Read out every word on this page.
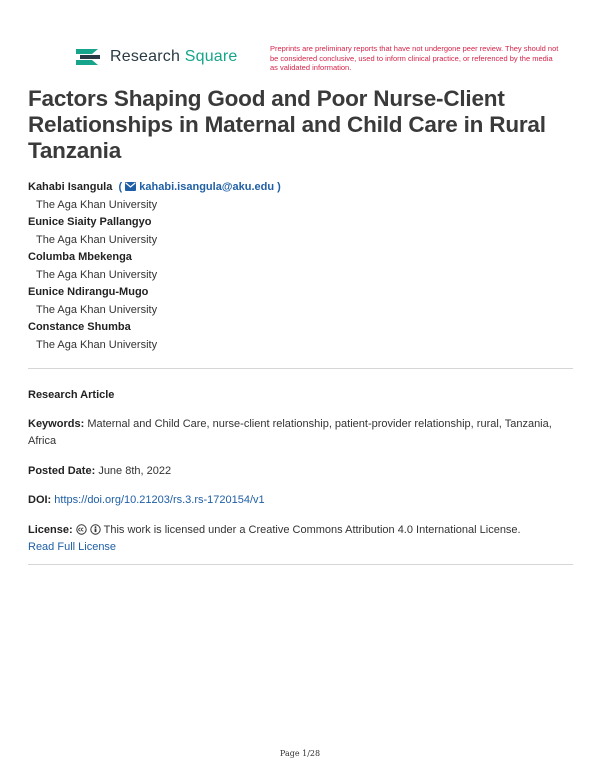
Research Square	Preprints are preliminary reports that have not undergone peer review. They should not be considered conclusive, used to inform clinical practice, or referenced by the media as validated information.
Factors Shaping Good and Poor Nurse-Client Relationships in Maternal and Child Care in Rural Tanzania
Kahabi Isangula (  kahabi.isangula@aku.edu )
The Aga Khan University
Eunice Siaity Pallangyo
The Aga Khan University
Columba Mbekenga
The Aga Khan University
Eunice Ndirangu-Mugo
The Aga Khan University
Constance Shumba
The Aga Khan University
Research Article
Keywords: Maternal and Child Care, nurse-client relationship, patient-provider relationship, rural, Tanzania, Africa
Posted Date: June 8th, 2022
DOI: https://doi.org/10.21203/rs.3.rs-1720154/v1
License:	This work is licensed under a Creative Commons Attribution 4.0 International License.
Read Full License
Page 1/28
